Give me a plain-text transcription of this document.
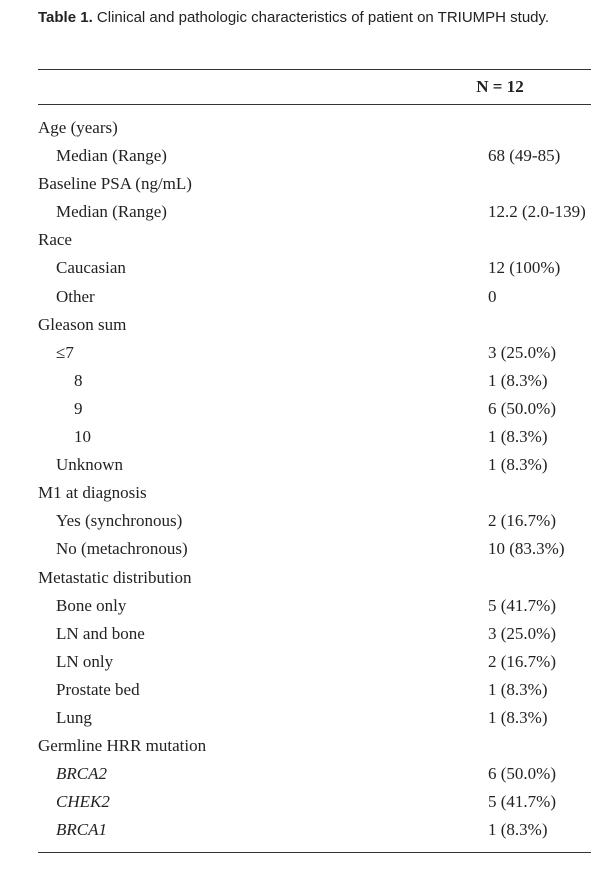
Table 1. Clinical and pathologic characteristics of patient on TRIUMPH study.
N = 12
Age (years)
Median (Range)	68 (49-85)
Baseline PSA (ng/mL)
Median (Range)	12.2 (2.0-139)
Race
Caucasian	12 (100%)
Other	0
Gleason sum
≤7	3 (25.0%)
8	1 (8.3%)
9	6 (50.0%)
10	1 (8.3%)
Unknown	1 (8.3%)
M1 at diagnosis
Yes (synchronous)	2 (16.7%)
No (metachronous)	10 (83.3%)
Metastatic distribution
Bone only	5 (41.7%)
LN and bone	3 (25.0%)
LN only	2 (16.7%)
Prostate bed	1 (8.3%)
Lung	1 (8.3%)
Germline HRR mutation
BRCA2	6 (50.0%)
CHEK2	5 (41.7%)
BRCA1	1 (8.3%)
